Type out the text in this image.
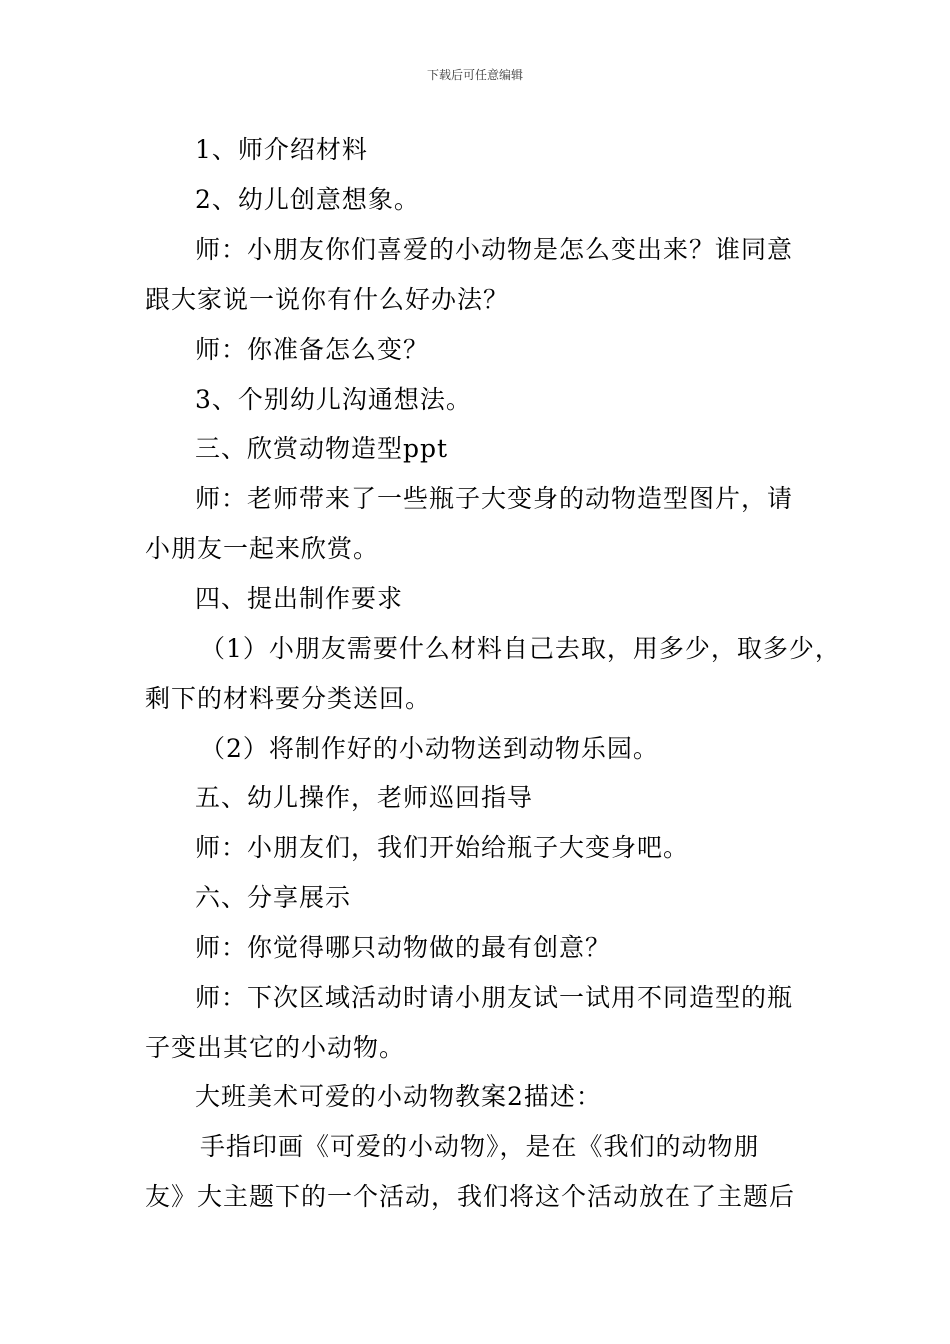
下载后可任意编辑
1、师介绍材料
2、幼儿创意想象。
师：小朋友你们喜爱的小动物是怎么变出来？谁同意
跟大家说一说你有什么好办法？
师：你准备怎么变？
3、个别幼儿沟通想法。
三、欣赏动物造型ppt
师：老师带来了一些瓶子大变身的动物造型图片，请
小朋友一起来欣赏。
四、提出制作要求
（1）小朋友需要什么材料自己去取，用多少，取多少，
剩下的材料要分类送回。
（2）将制作好的小动物送到动物乐园。
五、幼儿操作，老师巡回指导
师：小朋友们，我们开始给瓶子大变身吧。
六、分享展示
师：你觉得哪只动物做的最有创意？
师：下次区域活动时请小朋友试一试用不同造型的瓶
子变出其它的小动物。
大班美术可爱的小动物教案2描述：
手指印画《可爱的小动物》，是在《我们的动物朋
友》大主题下的一个活动，我们将这个活动放在了主题后
